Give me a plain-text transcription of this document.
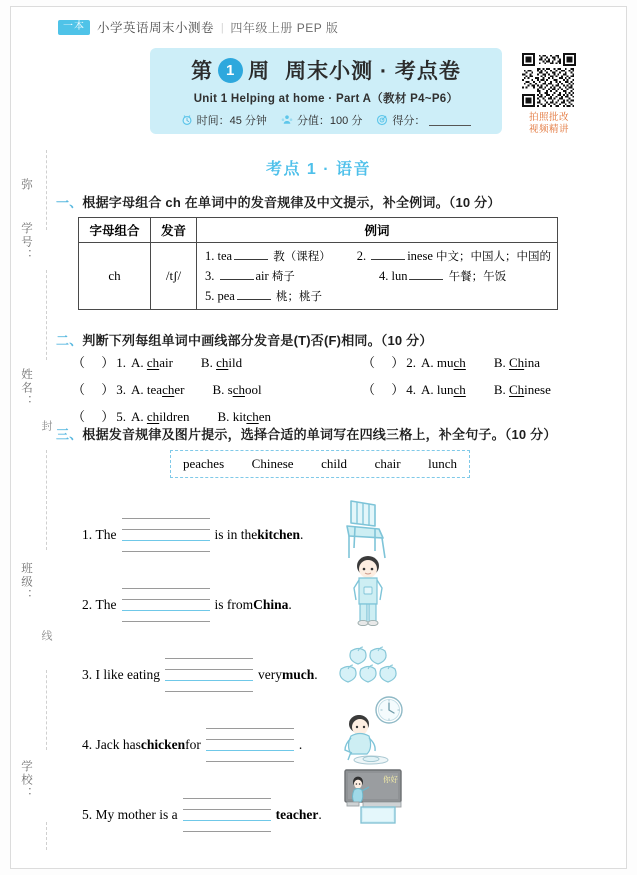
一本 小学英语周末小测卷 | 四年级上册 PEP 版
弥
学号：
姓名：
封
班级：
线
学校：
第 1 周 周末小测 · 考点卷
Unit 1 Helping at home · Part A（教材 P4~P6）
时间：45 分钟	分值：100 分	得分：	拍照批改
视频精讲
考点 1 · 语音
一、根据字母组合 ch 在单词中的发音规律及中文提示，补全例词。（10 分）
字母组合	发音	例词
ch	/tʃ/	1. tea 教（课程） 2. inese 中文；中国人；中国的
3. air 椅子 4. lun 午餐；午饭
5. pea 桃；桃子
二、判断下列每组单词中画线部分发音是(T)否(F)相同。（10 分）
（     ） 1. A. chair B. child	（     ） 2. A. much B. China
（     ） 3. A. teacher B. school	（     ） 4. A. lunch B. Chinese
（     ） 5. A. children B. kitchen
三、根据发音规律及图片提示，选择合适的单词写在四线三格上，补全句子。（10 分）
peaches Chinese child chair lunch
1.
The	is in the kitchen .
2.
The	is from China .
3.
I like eating	very much .
4.
Jack has chicken for	.
5.
My mother is a	teacher .
你好
